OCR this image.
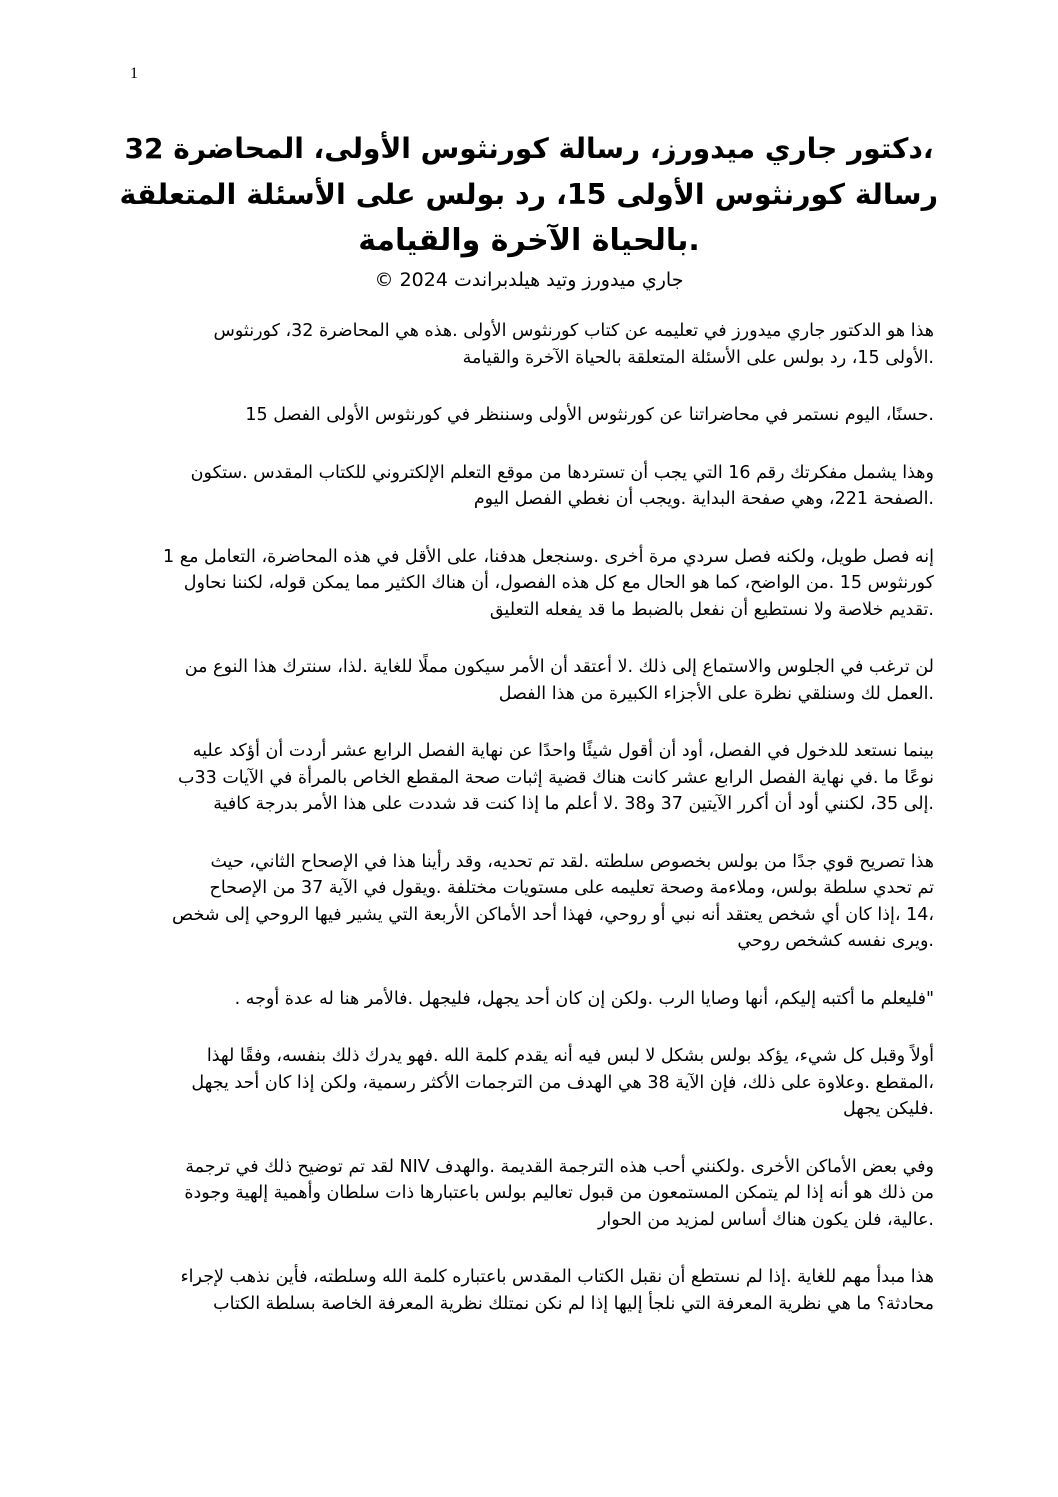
1
،دكتور جاري ميدورز، رسالة كورنثوس الأولى، المحاضرة 32
رسالة كورنثوس الأولى 15، رد بولس على الأسئلة المتعلقة
.بالحياة الآخرة والقيامة
جاري ميدورز وتيد هيلدبراندت 2024 ©

هذا هو الدكتور جاري ميدورز في تعليمه عن كتاب كورنثوس الأولى .هذه هي المحاضرة 32، كورنثوس
.الأولى 15، رد بولس على الأسئلة المتعلقة بالحياة الآخرة والقيامة

.حسنًا، اليوم نستمر في محاضراتنا عن كورنثوس الأولى وسننظر في كورنثوس الأولى الفصل 15

وهذا يشمل مفكرتك رقم 16 التي يجب أن تستردها من موقع التعلم الإلكتروني للكتاب المقدس .ستكون
.الصفحة 221، وهي صفحة البداية .ويجب أن نغطي الفصل اليوم

إنه فصل طويل، ولكنه فصل سردي مرة أخرى .وسنجعل هدفنا، على الأقل في هذه المحاضرة، التعامل مع 1
كورنثوس 15 .من الواضح، كما هو الحال مع كل هذه الفصول، أن هناك الكثير مما يمكن قوله، لكننا نحاول
.تقديم خلاصة ولا نستطيع أن نفعل بالضبط ما قد يفعله التعليق

لن ترغب في الجلوس والاستماع إلى ذلك .لا أعتقد أن الأمر سيكون مملًا للغاية .لذا، سنترك هذا النوع من
.العمل لك وسنلقي نظرة على الأجزاء الكبيرة من هذا الفصل

بينما نستعد للدخول في الفصل، أود أن أقول شيئًا واحدًا عن نهاية الفصل الرابع عشر أردت أن أؤكد عليه
نوعًا ما .في نهاية الفصل الرابع عشر كانت هناك قضية إثبات صحة المقطع الخاص بالمرأة في الآيات 33ب
.إلى 35، لكنني أود أن أكرر الآيتين 37 و38 .لا أعلم ما إذا كنت قد شددت على هذا الأمر بدرجة كافية

هذا تصريح قوي جدًا من بولس بخصوص سلطته .لقد تم تحديه، وقد رأينا هذا في الإصحاح الثاني، حيث
تم تحدي سلطة بولس، وملاءمة وصحة تعليمه على مستويات مختلفة .ويقول في الآية 37 من الإصحاح
،14 ،إذا كان أي شخص يعتقد أنه نبي أو روحي، فهذا أحد الأماكن الأربعة التي يشير فيها الروحي إلى شخص
.ويرى نفسه كشخص روحي

"فليعلم ما أكتبه إليكم، أنها وصايا الرب .ولكن إن كان أحد يجهل، فليجهل .فالأمر هنا له عدة أوجه .

أولاً وقبل كل شيء، يؤكد بولس بشكل لا لبس فيه أنه يقدم كلمة الله .فهو يدرك ذلك بنفسه، وفقًا لهذا
،المقطع .وعلاوة على ذلك، فإن الآية 38 هي الهدف من الترجمات الأكثر رسمية، ولكن إذا كان أحد يجهل
.فليكن يجهل

وفي بعض الأماكن الأخرى .ولكنني أحب هذه الترجمة القديمة .والهدف NIV لقد تم توضيح ذلك في ترجمة
من ذلك هو أنه إذا لم يتمكن المستمعون من قبول تعاليم بولس باعتبارها ذات سلطان وأهمية إلهية وجودة
.عالية، فلن يكون هناك أساس لمزيد من الحوار

هذا مبدأ مهم للغاية .إذا لم نستطع أن نقبل الكتاب المقدس باعتباره كلمة الله وسلطته، فأين نذهب لإجراء
محادثة؟ ما هي نظرية المعرفة التي نلجأ إليها إذا لم نكن نمتلك نظرية المعرفة الخاصة بسلطة الكتاب
